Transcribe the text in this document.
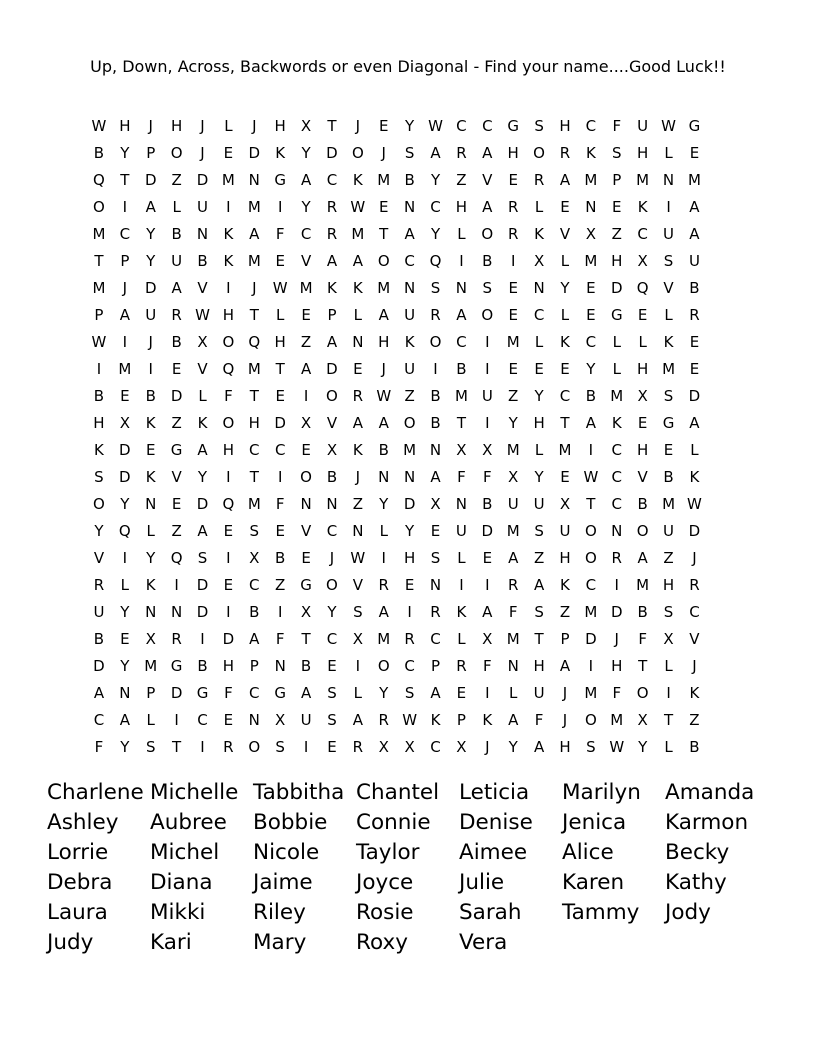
Up, Down, Across, Backwords or even Diagonal - Find your name....Good Luck!!
W H	J	H	J	L	J	H	X	T	J	E	Y W C	C G	S	H	C	F	U W G
B	Y	P	O	J	E	D	K	Y	D O	J	S	A	R	A	H O R	K	S	H	L	E
Q	T	D Z D M N G A	C	K M B	Y	Z	V	E	R	A M P M N M
O	I	A	L	U	I	M	I	Y	R W E	N	C	H	A	R	L	E	N	E	K	I	A
M C	Y	B	N	K	A	F	C	R M T	A	Y	L	O R	K	V	X	Z	C	U	A
T	P	Y	U	B	K M E	V	A	A O C Q	I	B	I	X	L	M H	X	S	U
M	J	D A	V	I	J	W M K	K M N	S	N	S	E	N	Y	E	D Q V	B
P	A	U	R W H	T	L	E	P	L	A	U	R	A O	E	C	L	E	G	E	L	R
W	I	J	B	X O Q H	Z	A	N H	K	O C	I	M	L	K	C	L	L	K	E
I	M	I	E	V Q M T	A D	E	J	U	I	B	I	E	E	E	Y	L	H M E
B	E	B D	L	F	T	E	I	O R W Z	B M U	Z	Y	C	B M X	S	D
H	X	K	Z	K	O H D X	V	A	A O B	T	I	Y	H	T	A	K	E	G A
K	D	E	G A	H	C	C	E	X	K	B M N	X	X M	L	M	I	C	H	E	L
S	D	K	V	Y	I	T	I	O B	J	N N	A	F	F	X	Y	E W C	V	B	K
O	Y	N	E	D Q M	F	N N	Z	Y	D X	N	B	U U	X	T	C	B M W
Y	Q	L	Z	A	E	S	E	V	C	N	L	Y	E	U D M S	U O N O U D
V	I	Y	Q	S	I	X	B	E	J	W	I	H	S	L	E	A	Z	H O R	A	Z	J
R	L	K	I	D	E	C	Z G O V	R	E	N	I	I	R	A	K	C	I	M H	R
U	Y	N N D	I	B	I	X	Y	S	A	I	R	K	A	F	S	Z M D B	S	C
B	E	X	R	I	D A	F	T	C	X M R	C	L	X M T	P	D	J	F	X	V
D	Y M G B	H	P	N	B	E	I	O C	P	R	F	N H	A	I	H	T	L	J
A	N	P	D G	F	C G A	S	L	Y	S	A	E	I	L	U	J	M	F	O	I	K
C	A	L	I	C	E	N	X	U	S	A	R W K	P	K	A	F	J	O M X	T	Z
F	Y	S	T	I	R O	S	I	E	R	X	X	C	X	J	Y	A	H	S W Y	L	B
Charlene Michelle Tabbitha Chantel Leticia	Marilyn	Amanda
Ashley	Aubree	Bobbie	Connie	Denise	Jenica	Karmon
Lorrie	Michel	Nicole	Taylor	Aimee	Alice	Becky
Debra	Diana	Jaime	Joyce	Julie	Karen	Kathy
Laura	Mikki	Riley	Rosie	Sarah	Tammy	Jody
Judy	Kari	Mary	Roxy	Vera
